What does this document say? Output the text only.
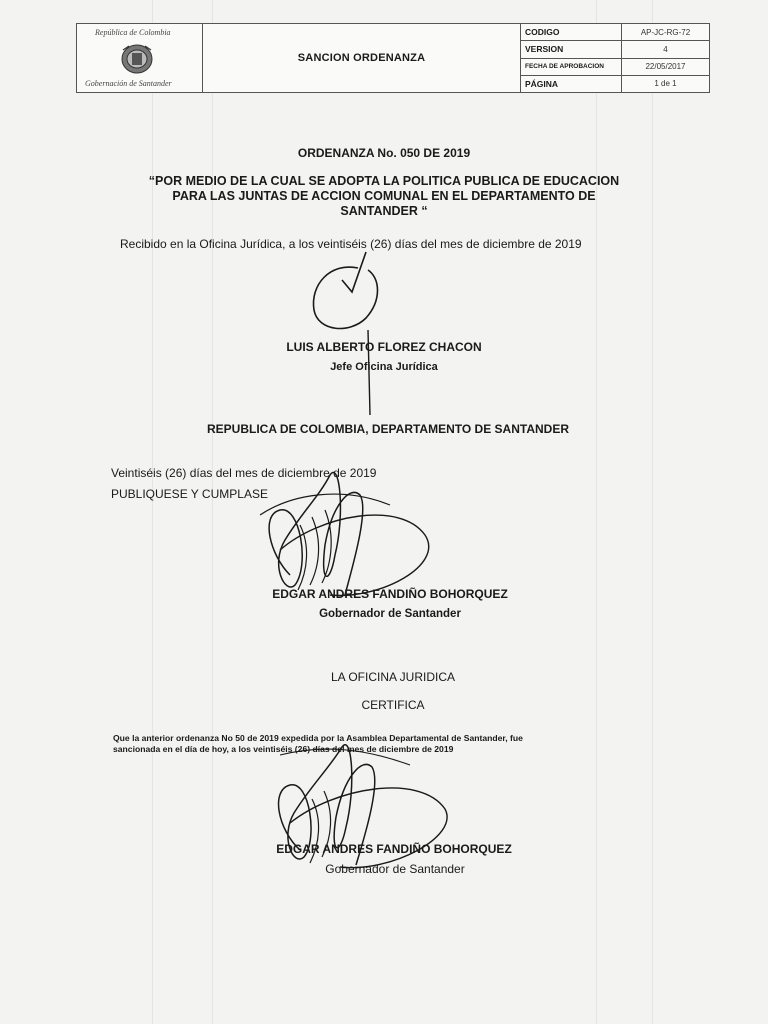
República de Colombia
Gobernación de Santander
SANCION ORDENANZA
CODIGO	AP-JC-RG-72
VERSION	4
FECHA DE APROBACION	22/05/2017
PÁGINA	1 de 1
ORDENANZA No. 050 DE 2019
“POR MEDIO DE LA CUAL SE ADOPTA LA POLITICA PUBLICA DE EDUCACION
PARA LAS JUNTAS DE ACCION COMUNAL EN EL DEPARTAMENTO DE
SANTANDER “
Recibido en la Oficina Jurídica, a los veintiséis (26) días del mes de diciembre de 2019
LUIS ALBERTO FLOREZ CHACON
Jefe Oficina Jurídica
REPUBLICA DE COLOMBIA, DEPARTAMENTO DE SANTANDER
Veintiséis (26) días del mes de diciembre de 2019
PUBLIQUESE Y CUMPLASE
EDGAR ANDRES FANDIÑO BOHORQUEZ
Gobernador de Santander
LA OFICINA JURIDICA
CERTIFICA
Que la anterior ordenanza No 50 de 2019 expedida por la Asamblea Departamental de Santander, fue
sancionada en el día de hoy, a los veintiséis (26) días del mes de diciembre de 2019
EDGAR ANDRES FANDIÑO BOHORQUEZ
Gobernador de Santander
